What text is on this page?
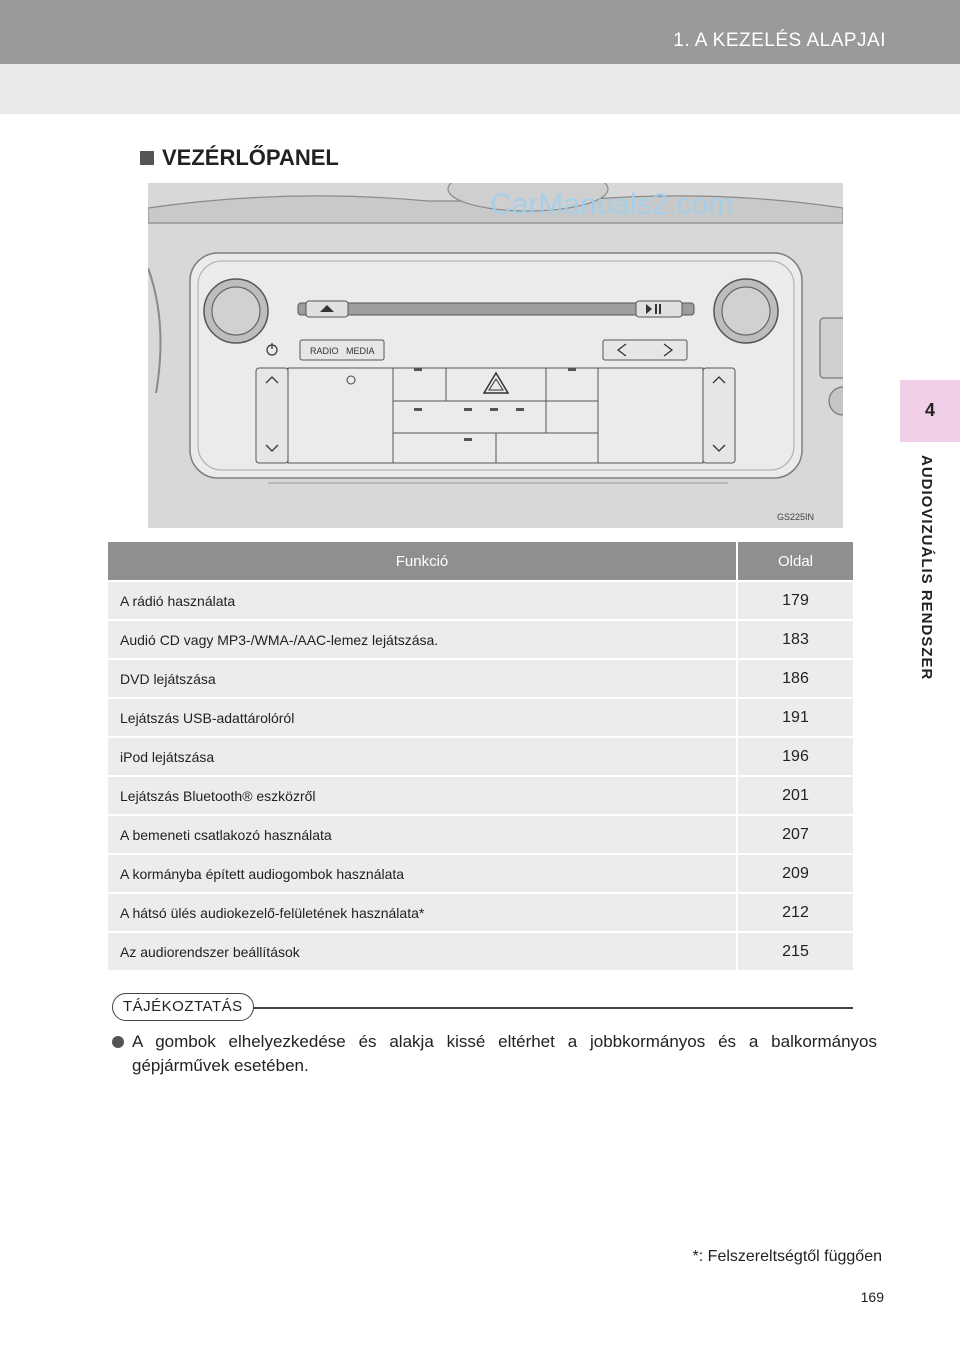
1. A KEZELÉS ALAPJAI
4
AUDIOVIZUÁLIS RENDSZER
VEZÉRLŐPANEL
RADIO MEDIA
CarManuals2.com
GS225IN
Funkció	Oldal
A rádió használata	179
Audió CD vagy MP3-/WMA-/AAC-lemez lejátszása.	183
DVD lejátszása	186
Lejátszás USB-adattárolóról	191
iPod lejátszása	196
Lejátszás Bluetooth® eszközről	201
A bemeneti csatlakozó használata	207
A kormányba épített audiogombok használata	209
A hátsó ülés audiokezelő-felületének használata*	212
Az audiorendszer beállítások	215
TÁJÉKOZTATÁS
A gombok elhelyezkedése és alakja kissé eltérhet a jobbkormányos és a balkormányos gépjárművek esetében.
*: Felszereltségtől függően
169
